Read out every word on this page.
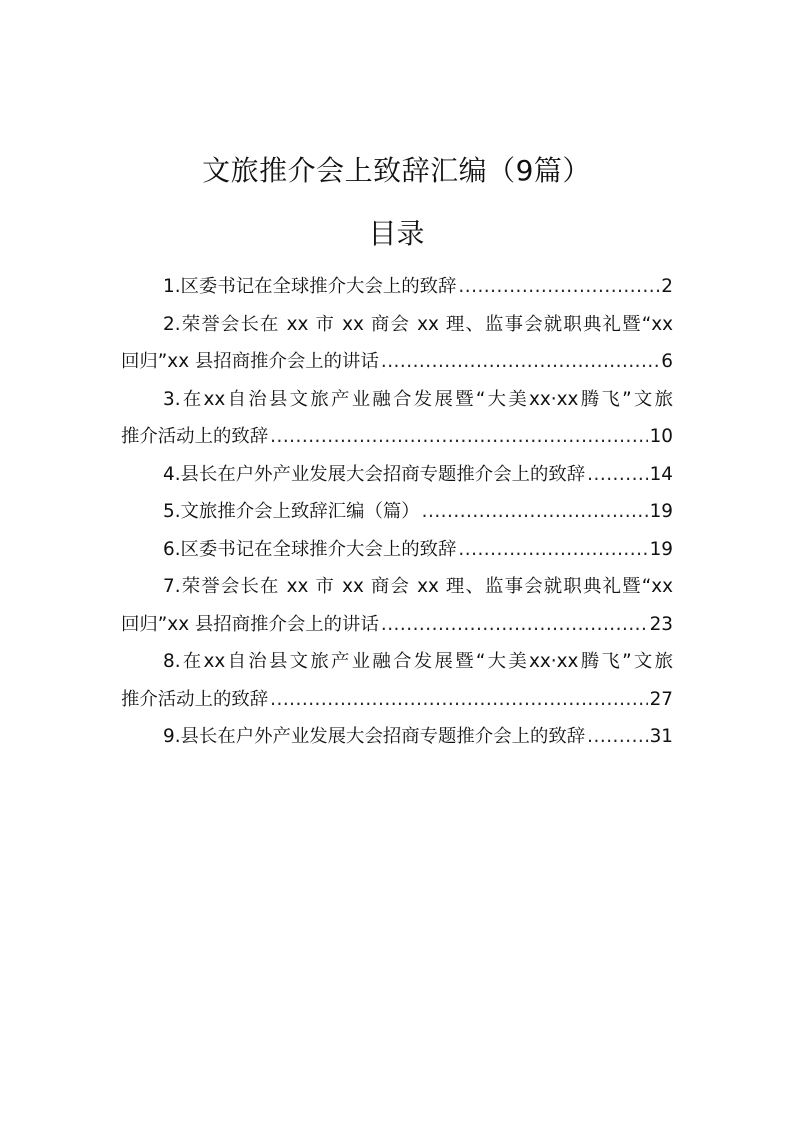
文旅推介会上致辞汇编（9篇）
目录
1.区委书记在全球推介大会上的致辞 .....	2
2.荣誉会长在 xx 市 xx 商会 xx 理、监事会就职典礼暨“xx
回归”xx 县招商推介会上的讲话 .....	6
3.在xx自治县文旅产业融合发展暨“大美xx·xx腾飞”文旅
推介活动上的致辞 .....	10
4.县长在户外产业发展大会招商专题推介会上的致辞 .....	14
5.文旅推介会上致辞汇编（篇） .....	19
6.区委书记在全球推介大会上的致辞 .....	19
7.荣誉会长在 xx 市 xx 商会 xx 理、监事会就职典礼暨“xx
回归”xx 县招商推介会上的讲话 .....	23
8.在xx自治县文旅产业融合发展暨“大美xx·xx腾飞”文旅
推介活动上的致辞 .....	27
9.县长在户外产业发展大会招商专题推介会上的致辞 .....	31
